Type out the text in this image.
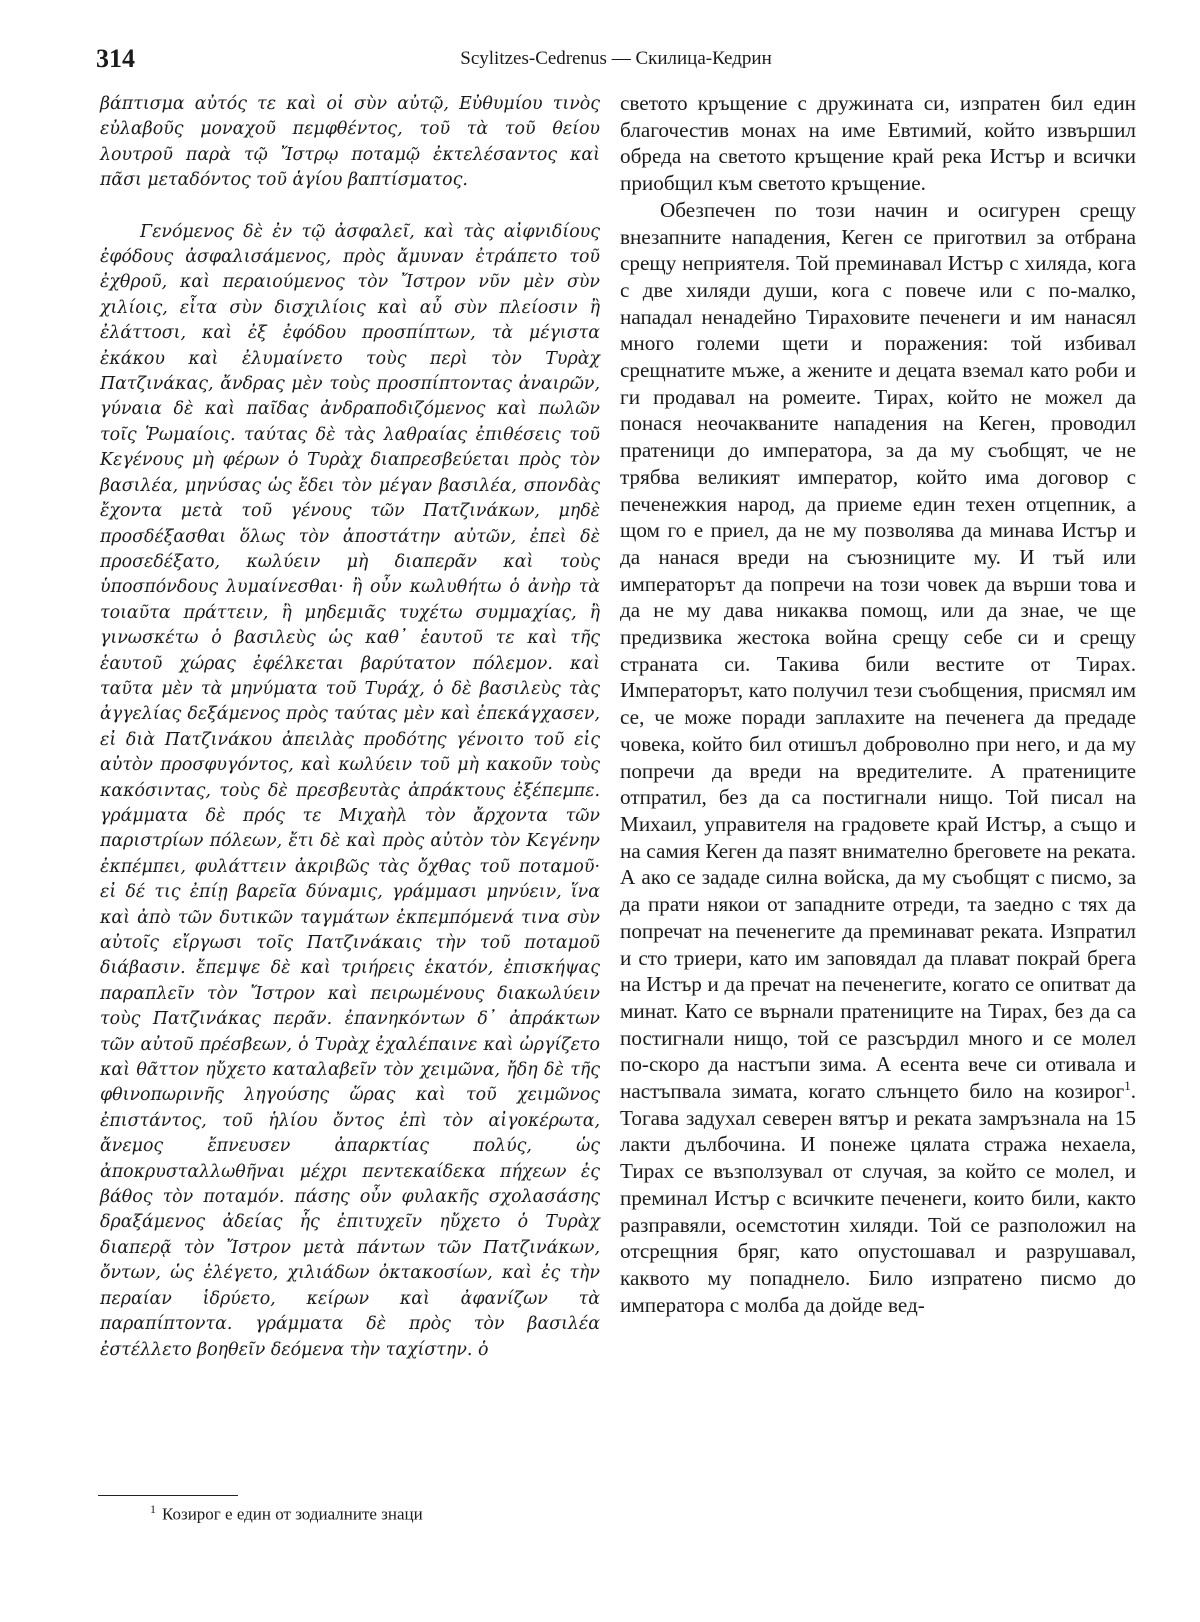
314	Scylitzes-Cedrenus — Скилица-Кедрин

βάπτισμα αὐτός τε καὶ οἱ σὺν αὐτῷ, Εὐθυμίου τινὸς εὐλαβοῦς μοναχοῦ πεμφθέντος, τοῦ τὰ τοῦ θείου λουτροῦ παρὰ τῷ Ἴστρῳ ποταμῷ ἐκτελέσαντος καὶ πᾶσι μεταδόντος τοῦ ἁγίου βαπτίσματος.

Γενόμενος δὲ ἐν τῷ ἀσφαλεῖ, καὶ τὰς αἰφνιδίους ἐφόδους ἀσφαλισάμενος, πρὸς ἄμυναν ἐτράπετο τοῦ ἐχθροῦ, καὶ περαιούμενος τὸν Ἴστρον νῦν μὲν σὺν χιλίοις, εἶτα σὺν δισχιλίοις καὶ αὖ σὺν πλείοσιν ἢ ἐλάττοσι, καὶ ἐξ ἐφόδου προσπίπτων, τὰ μέγιστα ἐκάκου καὶ ἐλυμαίνετο τοὺς περὶ τὸν Τυρὰχ Πατζινάκας, ἄνδρας μὲν τοὺς προσπίπτοντας ἀναιρῶν, γύναια δὲ καὶ παῖδας ἀνδραποδιζόμενος καὶ πωλῶν τοῖς Ῥωμαίοις. ταύτας δὲ τὰς λαθραίας ἐπιθέσεις τοῦ Κεγένους μὴ φέρων ὁ Τυρὰχ διαπρεσβεύεται πρὸς τὸν βασιλέα, μηνύσας ὡς ἔδει τὸν μέγαν βασιλέα, σπονδὰς ἔχοντα μετὰ τοῦ γένους τῶν Πατζινάκων, μηδὲ προσδέξασθαι ὅλως τὸν ἀποστάτην αὐτῶν, ἐπεὶ δὲ προσεδέξατο, κωλύειν μὴ διαπερᾶν καὶ τοὺς ὑποσπόνδους λυμαίνεσθαι· ἢ οὖν κωλυθήτω ὁ ἀνὴρ τὰ τοιαῦτα πράττειν, ἢ μηδεμιᾶς τυχέτω συμμαχίας, ἢ γινωσκέτω ὁ βασιλεὺς ὡς καθ᾽ ἑαυτοῦ τε καὶ τῆς ἑαυτοῦ χώρας ἐφέλκεται βαρύτατον πόλεμον. καὶ ταῦτα μὲν τὰ μηνύματα τοῦ Τυράχ, ὁ δὲ βασιλεὺς τὰς ἀγγελίας δεξάμενος πρὸς ταύτας μὲν καὶ ἐπεκάγχασεν, εἰ διὰ Πατζινάκου ἀπειλὰς προδότης γένοιτο τοῦ εἰς αὐτὸν προσφυγόντος, καὶ κωλύειν τοῦ μὴ κακοῦν τοὺς κακόσιντας, τοὺς δὲ πρεσβευτὰς ἀπράκτους ἐξέπεμπε. γράμματα δὲ πρός τε Μιχαὴλ τὸν ἄρχοντα τῶν παριστρίων πόλεων, ἔτι δὲ καὶ πρὸς αὐτὸν τὸν Κεγένην ἐκπέμπει, φυλάττειν ἀκριβῶς τὰς ὄχθας τοῦ ποταμοῦ· εἰ δέ τις ἐπίῃ βαρεῖα δύναμις, γράμμασι μηνύειν, ἵνα καὶ ἀπὸ τῶν δυτικῶν ταγμάτων ἐκπεμπόμενά τινα σὺν αὐτοῖς εἴργωσι τοῖς Πατζινάκαις τὴν τοῦ ποταμοῦ διάβασιν. ἔπεμψε δὲ καὶ τριήρεις ἑκατόν, ἐπισκήψας παραπλεῖν τὸν Ἴστρον καὶ πειρωμένους διακωλύειν τοὺς Πατζινάκας περᾶν. ἐπανηκόντων δ᾽ ἀπράκτων τῶν αὐτοῦ πρέσβεων, ὁ Τυρὰχ ἐχαλέπαινε καὶ ὠργίζετο καὶ θᾶττον ηὔχετο καταλαβεῖν τὸν χειμῶνα, ἤδη δὲ τῆς φθινοπωρινῆς ληγούσης ὥρας καὶ τοῦ χειμῶνος ἐπιστάντος, τοῦ ἡλίου ὄντος ἐπὶ τὸν αἰγοκέρωτα, ἄνεμος ἔπνευσεν ἀπαρκτίας πολύς, ὡς ἀποκρυσταλλωθῆναι μέχρι πεντεκαίδεκα πήχεων ἐς βάθος τὸν ποταμόν. πάσης οὖν φυλακῆς σχολασάσης δραξάμενος ἀδείας ἧς ἐπιτυχεῖν ηὔχετο ὁ Τυρὰχ διαπερᾷ τὸν Ἴστρον μετὰ πάντων τῶν Πατζινάκων, ὄντων, ὡς ἐλέγετο, χιλιάδων ὀκτακοσίων, καὶ ἐς τὴν περαίαν ἱδρύετο, κείρων καὶ ἀφανίζων τὰ παραπίπτοντα. γράμματα δὲ πρὸς τὸν βασιλέα ἐστέλλετο βοηθεῖν δεόμενα τὴν ταχίστην. ὁ

светото кръщение с дружината си, изпратен бил един благочестив монах на име Евтимий, който извършил обреда на светото кръщение край река Истър и всички приобщил към светото кръщение.

Обезпечен по този начин и осигурен срещу внезапните нападения, Кеген се приготвил за отбрана срещу неприятеля. Той преминавал Истър с хиляда, кога с две хиляди души, кога с повече или с по-малко, нападал ненадейно Тираховите печенеги и им нанасял много големи щети и поражения: той избивал срещнатите мъже, а жените и децата вземал като роби и ги продавал на ромеите. Тирах, който не можел да понася неочакваните нападения на Кеген, проводил пратеници до императора, за да му съобщят, че не трябва великият император, който има договор с печенежкия народ, да приеме един техен отцепник, а щом го е приел, да не му позволява да минава Истър и да нанася вреди на съюзниците му. И тъй или императорът да попречи на този човек да върши това и да не му дава никаква помощ, или да знае, че ще предизвика жестока война срещу себе си и срещу страната си. Такива били вестите от Тирах. Императорът, като получил тези съобщения, присмял им се, че може поради заплахите на печенега да предаде човека, който бил отишъл доброволно при него, и да му попречи да вреди на вредителите. А пратениците отпратил, без да са постигнали нищо. Той писал на Михаил, управителя на градовете край Истър, а също и на самия Кеген да пазят внимателно бреговете на реката. А ако се зададе силна войска, да му съобщят с писмо, за да прати някои от западните отреди, та заедно с тях да попречат на печенегите да преминават реката. Изпратил и сто триери, като им заповядал да плават покрай брега на Истър и да пречат на печенегите, когато се опитват да минат. Като се върнали пратениците на Тирах, без да са постигнали нищо, той се разсърдил много и се молел по-скоро да настъпи зима. А есента вече си отивала и настъпвала зимата, когато слънцето било на козирог$^1$. Тогава задухал северен вятър и реката замръзнала на 15 лакти дълбочина. И понеже цялата стража нехаела, Тирах се възползувал от случая, за който се молел, и преминал Истър с всичките печенеги, които били, както разправяли, осемстотин хиляди. Той се разположил на отсрещния бряг, като опустошавал и разрушавал, каквото му попаднело. Било изпратено писмо до императора с молба да дойде вед-

$^1$ Козирог е един от зодиалните знаци
